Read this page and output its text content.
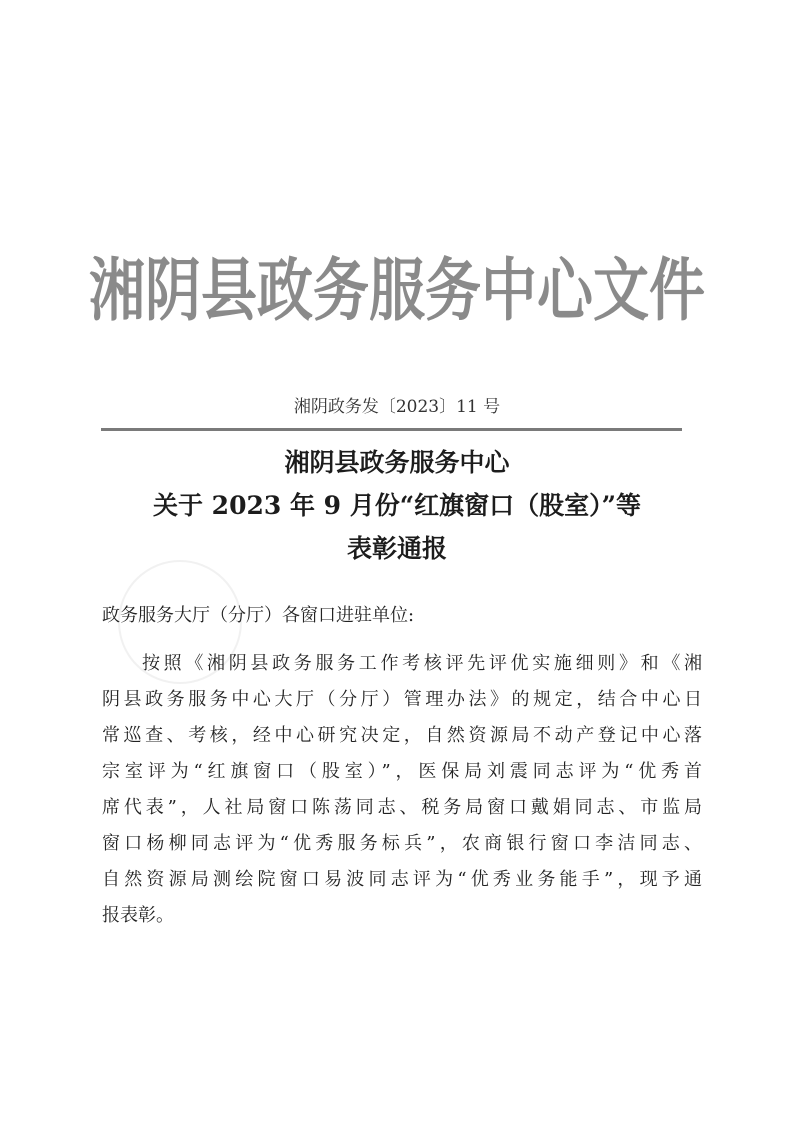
湘阴县政务服务中心文件
湘阴政务发〔2023〕11 号
湘阴县政务服务中心
关于 2023 年 9 月份“红旗窗口（股室）”等
表彰通报
政务服务大厅（分厅）各窗口进驻单位:
按照《湘阴县政务服务工作考核评先评优实施细则》和《湘
阴县政务服务中心大厅（分厅）管理办法》的规定，结合中心日
常巡查、考核，经中心研究决定，自然资源局不动产登记中心落
宗室评为“红旗窗口（股室）”，医保局刘震同志评为“优秀首
席代表”，人社局窗口陈荡同志、税务局窗口戴娟同志、市监局
窗口杨柳同志评为“优秀服务标兵”，农商银行窗口李洁同志、
自然资源局测绘院窗口易波同志评为“优秀业务能手”，现予通
报表彰。
